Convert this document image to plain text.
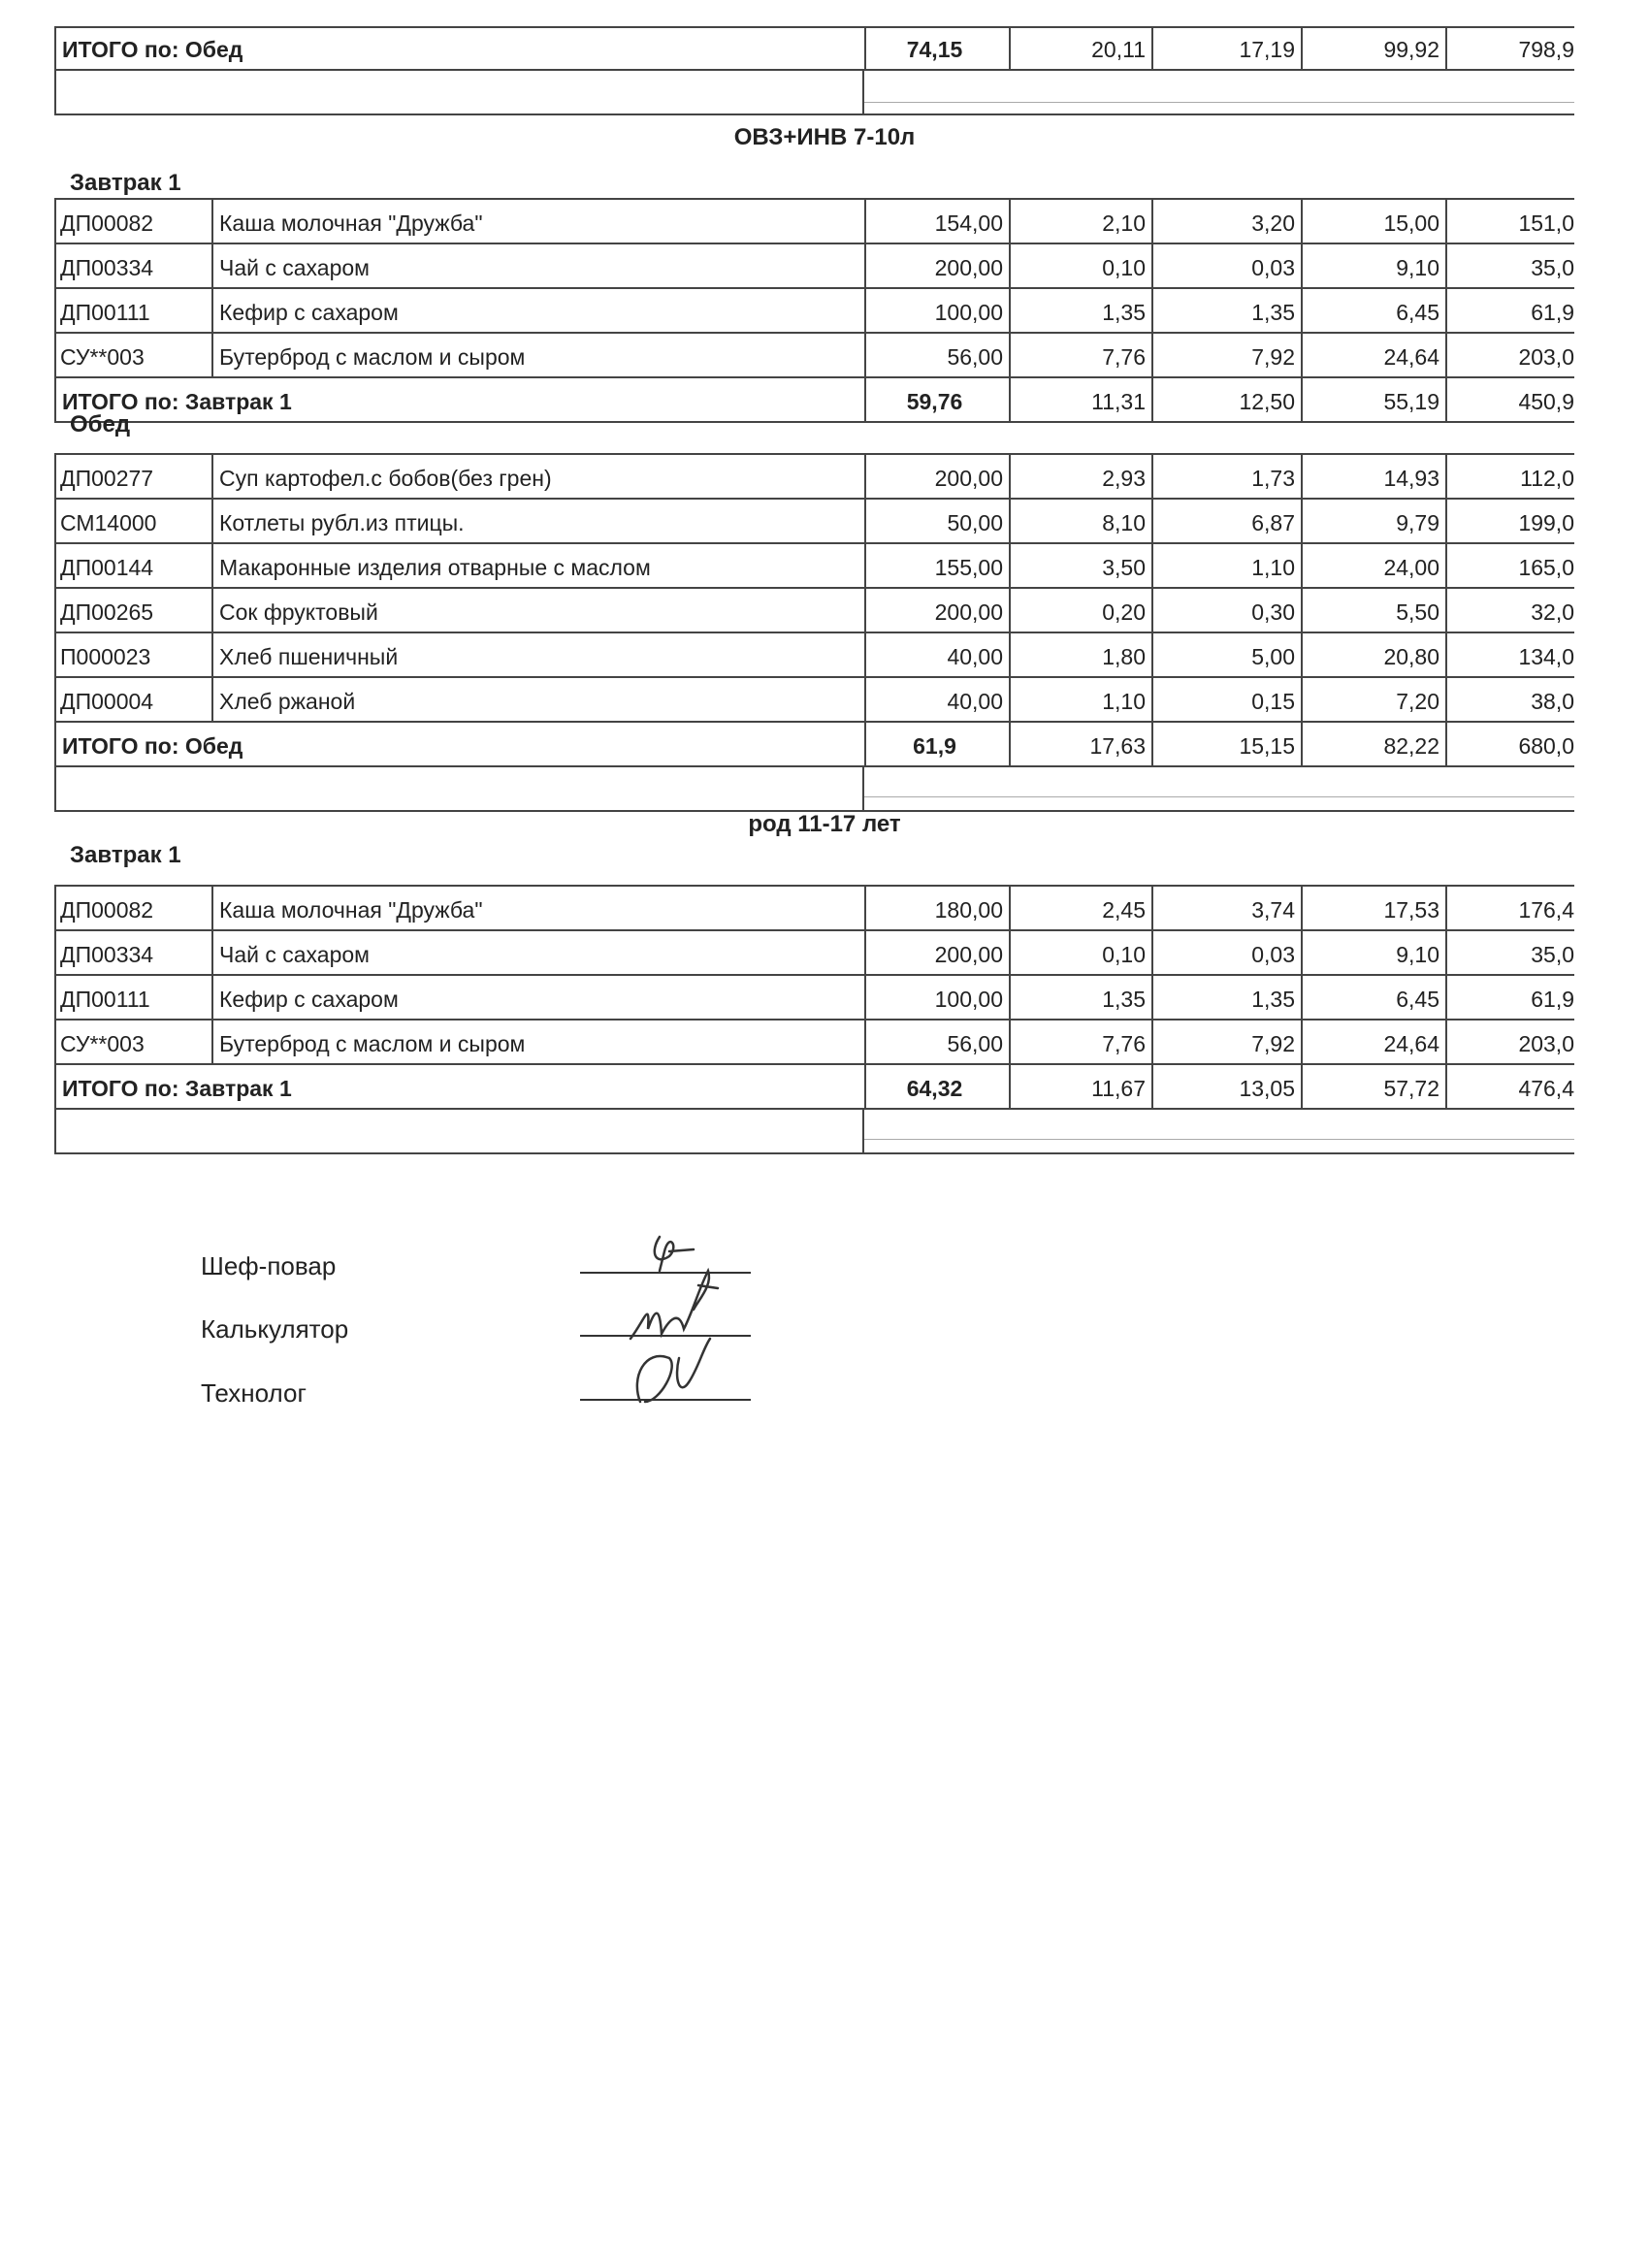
ИТОГО по: Обед	74,15	20,11	17,19	99,92	798,9
ОВЗ+ИНВ 7-10л
Завтрак 1
ДП00082	Каша молочная "Дружба"	154,00	2,10	3,20	15,00	151,0
ДП00334	Чай с сахаром	200,00	0,10	0,03	9,10	35,0
ДП00111	Кефир с сахаром	100,00	1,35	1,35	6,45	61,9
СУ**003	Бутерброд с маслом и сыром	56,00	7,76	7,92	24,64	203,0
ИТОГО по: Завтрак 1	59,76	11,31	12,50	55,19	450,9
Обед
ДП00277	Суп картофел.с бобов(без грен)	200,00	2,93	1,73	14,93	112,0
СМ14000	Котлеты рубл.из птицы.	50,00	8,10	6,87	9,79	199,0
ДП00144	Макаронные изделия отварные с маслом	155,00	3,50	1,10	24,00	165,0
ДП00265	Сок фруктовый	200,00	0,20	0,30	5,50	32,0
П000023	Хлеб пшеничный	40,00	1,80	5,00	20,80	134,0
ДП00004	Хлеб ржаной	40,00	1,10	0,15	7,20	38,0
ИТОГО по: Обед	61,9	17,63	15,15	82,22	680,0
род 11-17 лет
Завтрак 1
ДП00082	Каша молочная "Дружба"	180,00	2,45	3,74	17,53	176,4
ДП00334	Чай с сахаром	200,00	0,10	0,03	9,10	35,0
ДП00111	Кефир с сахаром	100,00	1,35	1,35	6,45	61,9
СУ**003	Бутерброд с маслом и сыром	56,00	7,76	7,92	24,64	203,0
ИТОГО по: Завтрак 1	64,32	11,67	13,05	57,72	476,4
Шеф-повар
Калькулятор
Технолог
